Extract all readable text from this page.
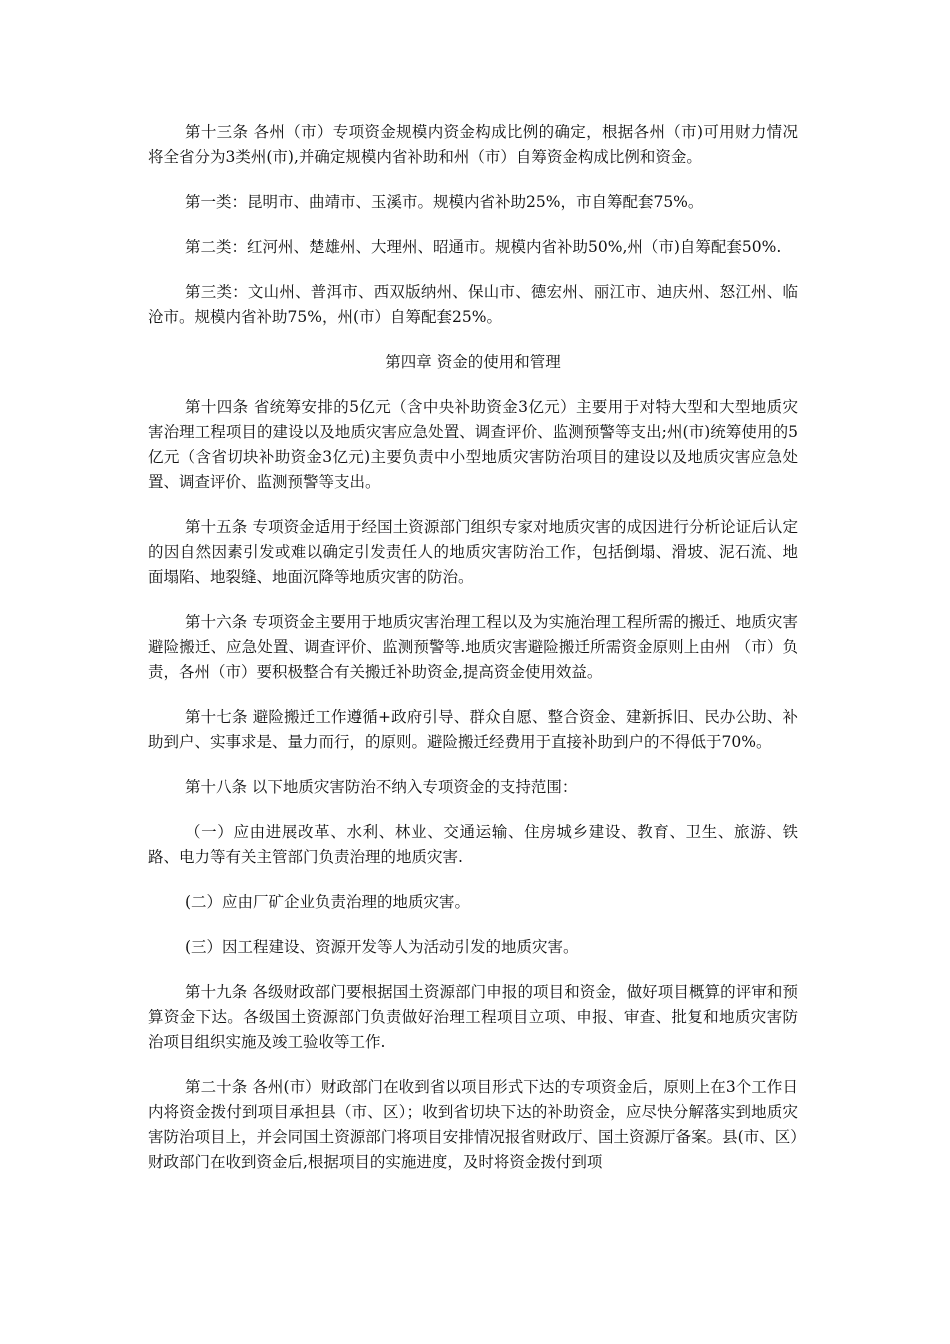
第十三条 各州（市）专项资金规模内资金构成比例的确定，根据各州（市)可用财力情况将全省分为3类州(市),并确定规模内省补助和州（市）自筹资金构成比例和资金。

第一类：昆明市、曲靖市、玉溪市。规模内省补助25%，市自筹配套75%。

第二类：红河州、楚雄州、大理州、昭通市。规模内省补助50%,州（市)自筹配套50%.

第三类：文山州、普洱市、西双版纳州、保山市、德宏州、丽江市、迪庆州、怒江州、临沧市。规模内省补助75%，州(市）自筹配套25%。

第四章 资金的使用和管理

第十四条 省统筹安排的5亿元（含中央补助资金3亿元）主要用于对特大型和大型地质灾害治理工程项目的建设以及地质灾害应急处置、调查评价、监测预警等支出;州(市)统筹使用的5亿元（含省切块补助资金3亿元)主要负责中小型地质灾害防治项目的建设以及地质灾害应急处置、调查评价、监测预警等支出。

第十五条 专项资金适用于经国土资源部门组织专家对地质灾害的成因进行分析论证后认定的因自然因素引发或难以确定引发责任人的地质灾害防治工作，包括倒塌、滑坡、泥石流、地面塌陷、地裂缝、地面沉降等地质灾害的防治。

第十六条 专项资金主要用于地质灾害治理工程以及为实施治理工程所需的搬迁、地质灾害避险搬迁、应急处置、调查评价、监测预警等.地质灾害避险搬迁所需资金原则上由州 （市）负责，各州（市）要积极整合有关搬迁补助资金,提高资金使用效益。

第十七条 避险搬迁工作遵循+政府引导、群众自愿、整合资金、建新拆旧、民办公助、补助到户、实事求是、量力而行，的原则。避险搬迁经费用于直接补助到户的不得低于70%。

第十八条 以下地质灾害防治不纳入专项资金的支持范围：

（一）应由进展改革、水利、林业、交通运输、住房城乡建设、教育、卫生、旅游、铁路、电力等有关主管部门负责治理的地质灾害.

(二）应由厂矿企业负责治理的地质灾害。

(三）因工程建设、资源开发等人为活动引发的地质灾害。

第十九条 各级财政部门要根据国土资源部门申报的项目和资金，做好项目概算的评审和预算资金下达。各级国土资源部门负责做好治理工程项目立项、申报、审查、批复和地质灾害防治项目组织实施及竣工验收等工作.

第二十条 各州(市）财政部门在收到省以项目形式下达的专项资金后，原则上在3个工作日内将资金拨付到项目承担县（市、区）；收到省切块下达的补助资金，应尽快分解落实到地质灾害防治项目上，并会同国土资源部门将项目安排情况报省财政厅、国土资源厅备案。县(市、区）财政部门在收到资金后,根据项目的实施进度，及时将资金拨付到项
